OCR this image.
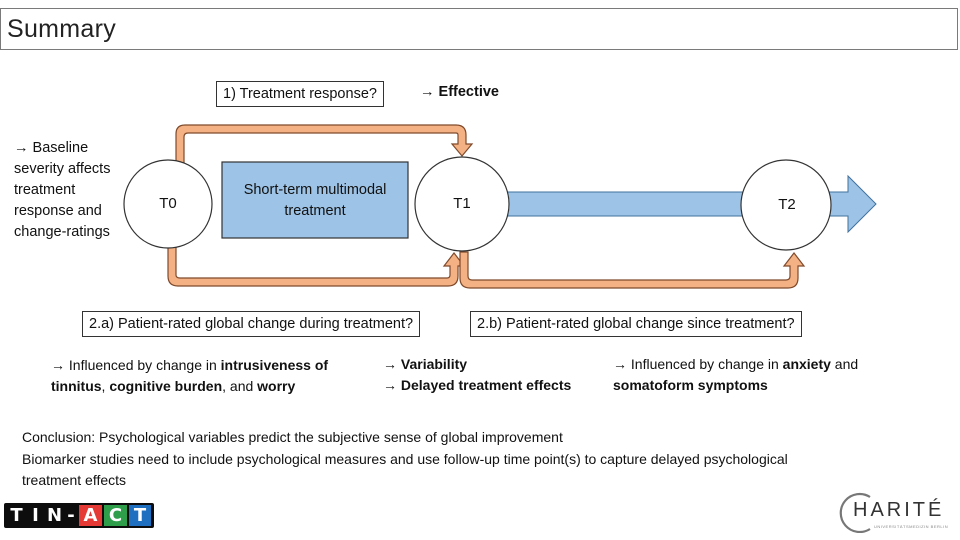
Summary
T0	T1	T2
Short-term multimodal
treatment
1) Treatment response?	→ Effective
→ Baseline
severity affects
treatment
response and
change-ratings
2.a) Patient-rated global change during treatment?	2.b) Patient-rated global change since treatment?
→ Influenced by change in intrusiveness of
tinnitus, cognitive burden, and worry
→ Variability
→ Delayed treatment effects
→ Influenced by change in anxiety and
somatoform symptoms
Conclusion: Psychological variables predict the subjective sense of global improvement
Biomarker studies need to include psychological measures and use follow-up time point(s) to capture delayed psychological
treatment effects
T I N - A C T	HARITÉ
UNIVERSITÄTSMEDIZIN BERLIN
